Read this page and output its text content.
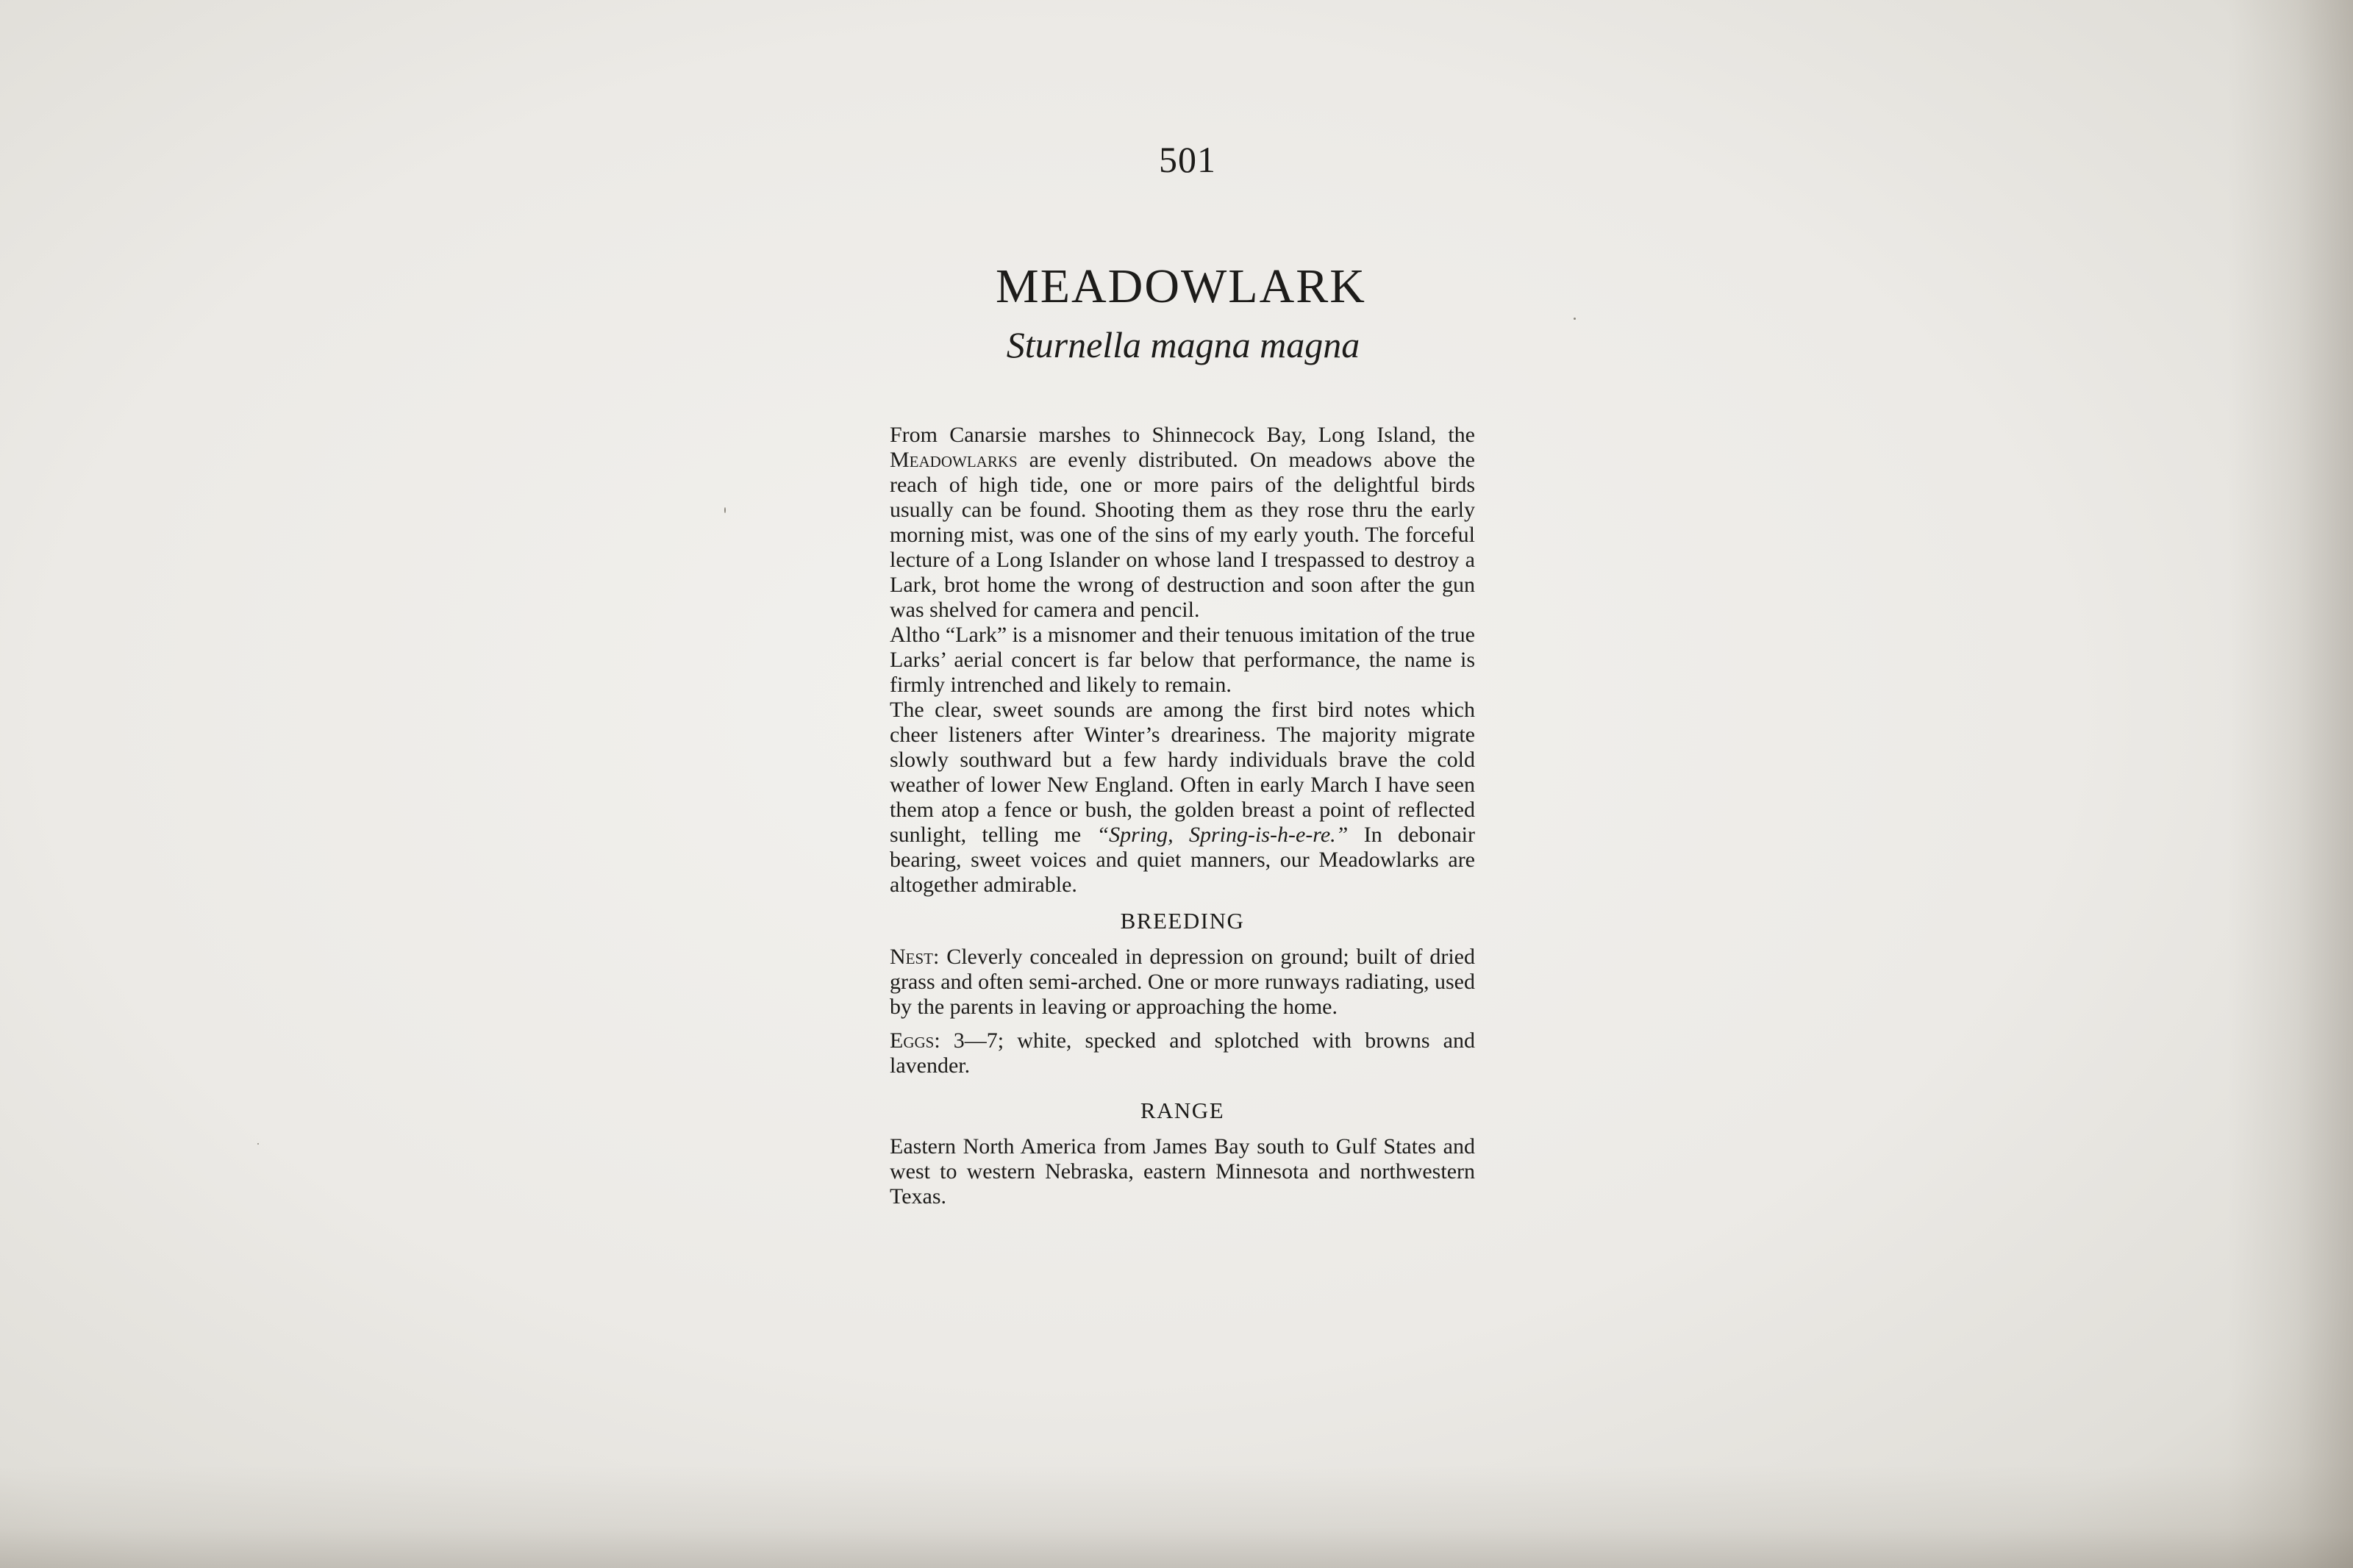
501
MEADOWLARK
Sturnella magna magna

From Canarsie marshes to Shinnecock Bay, Long Island, the Meadowlarks are evenly distributed. On meadows above the reach of high tide, one or more pairs of the delightful birds usually can be found. Shooting them as they rose thru the early morning mist, was one of the sins of my early youth. The forceful lecture of a Long Islander on whose land I trespassed to destroy a Lark, brot home the wrong of destruction and soon after the gun was shelved for camera and pencil.

Altho “Lark” is a misnomer and their tenuous imitation of the true Larks’ aerial concert is far below that performance, the name is firmly intrenched and likely to remain.

The clear, sweet sounds are among the first bird notes which cheer listeners after Winter’s dreariness. The majority migrate slowly southward but a few hardy individuals brave the cold weather of lower New England. Often in early March I have seen them atop a fence or bush, the golden breast a point of reflected sunlight, telling me “Spring, Spring-is-h-e-re.” In debonair bearing, sweet voices and quiet manners, our Meadowlarks are altogether admirable.

BREEDING

Nest: Cleverly concealed in depression on ground; built of dried grass and often semi-arched. One or more runways radiating, used by the parents in leaving or approaching the home.

Eggs: 3—7; white, specked and splotched with browns and lavender.

RANGE

Eastern North America from James Bay south to Gulf States and west to western Nebraska, eastern Minnesota and northwestern Texas.
